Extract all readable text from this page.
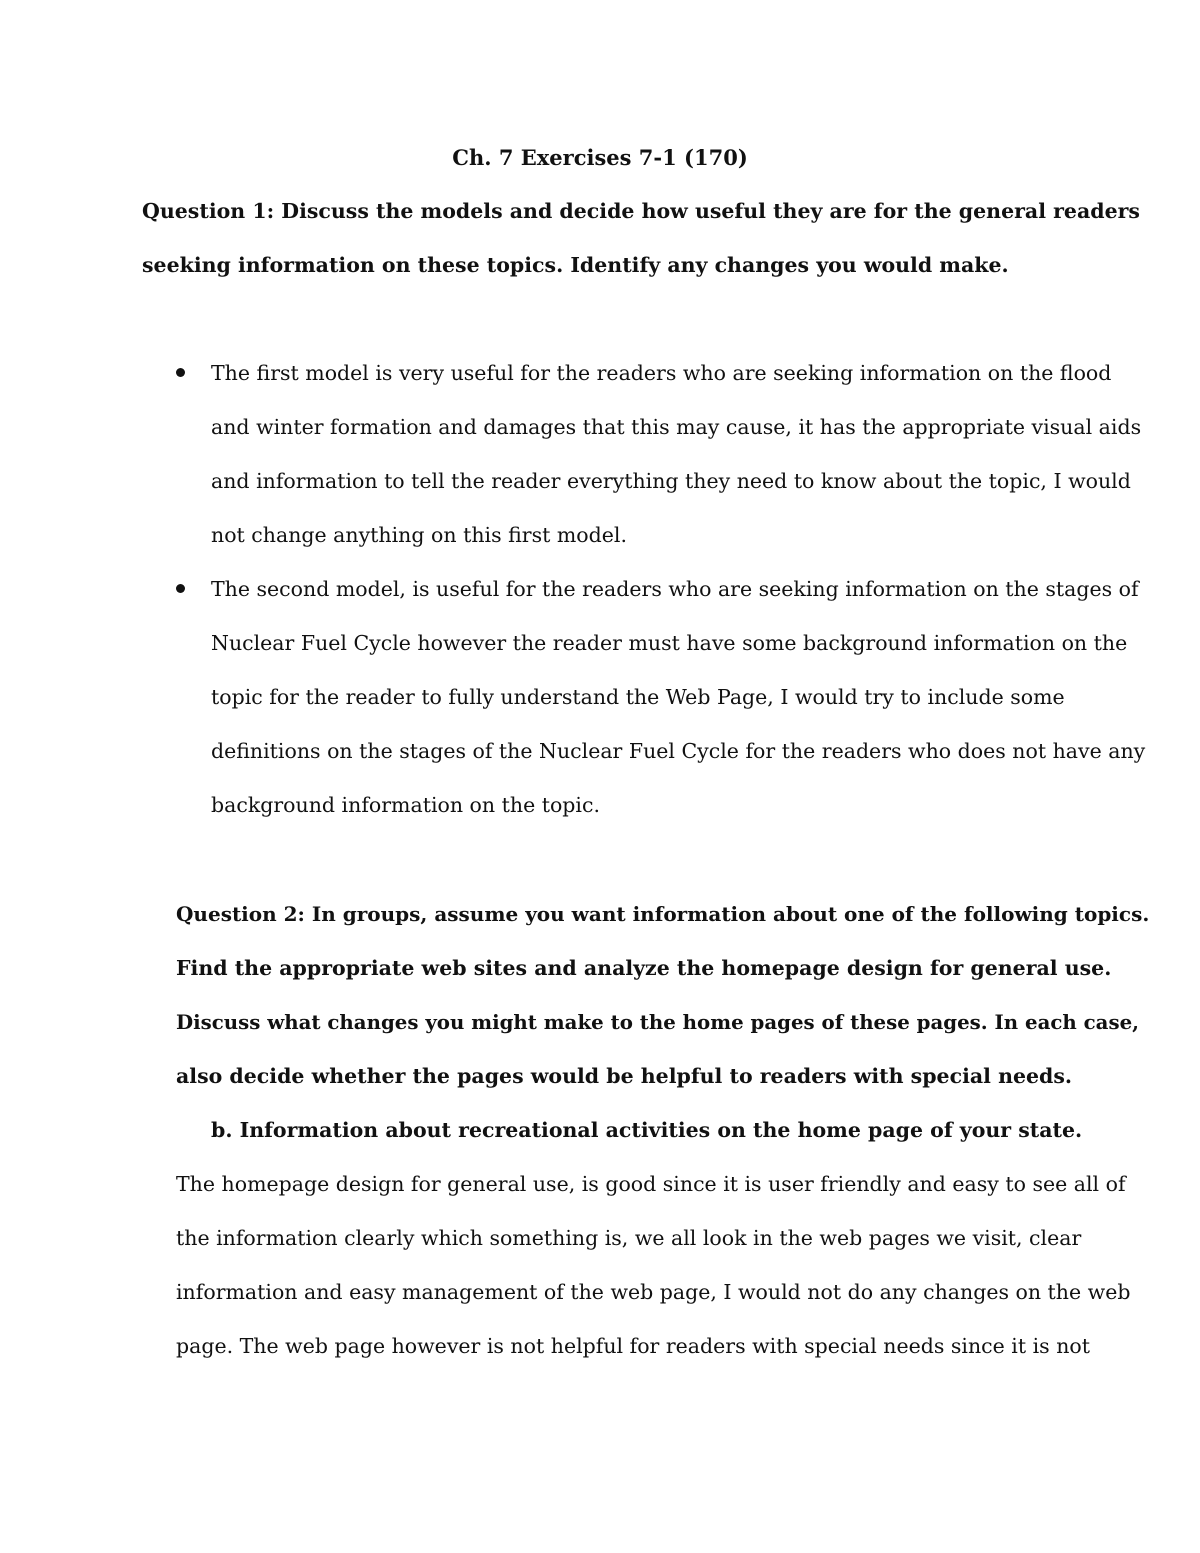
Ch. 7 Exercises 7-1 (170)
Question 1: Discuss the models and decide how useful they are for the general readers
seeking information on these topics. Identify any changes you would make.
The first model is very useful for the readers who are seeking information on the flood
and winter formation and damages that this may cause, it has the appropriate visual aids
and information to tell the reader everything they need to know about the topic, I would
not change anything on this first model.
The second model, is useful for the readers who are seeking information on the stages of
Nuclear Fuel Cycle however the reader must have some background information on the
topic for the reader to fully understand the Web Page, I would try to include some
definitions on the stages of the Nuclear Fuel Cycle for the readers who does not have any
background information on the topic.
Question 2: In groups, assume you want information about one of the following topics.
Find the appropriate web sites and analyze the homepage design for general use.
Discuss what changes you might make to the home pages of these pages. In each case,
also decide whether the pages would be helpful to readers with special needs.
b. Information about recreational activities on the home page of your state.
The homepage design for general use, is good since it is user friendly and easy to see all of
the information clearly which something is, we all look in the web pages we visit, clear
information and easy management of the web page, I would not do any changes on the web
page. The web page however is not helpful for readers with special needs since it is not
